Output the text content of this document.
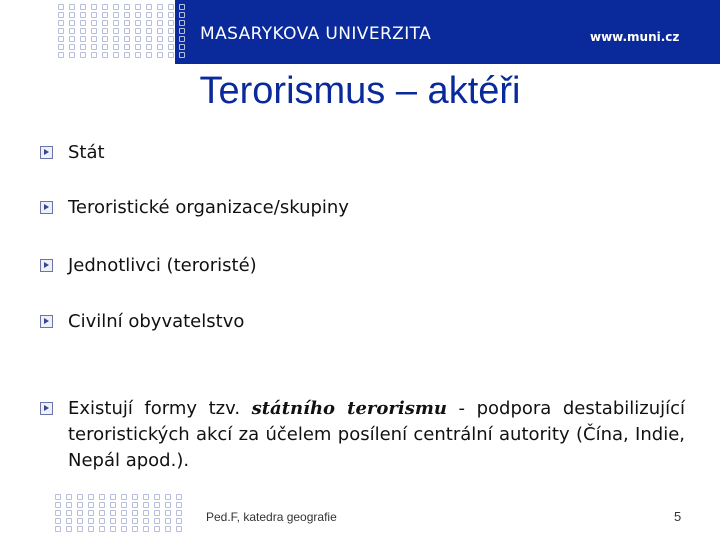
MASARYKOVA UNIVERZITA	www.muni.cz
Terorismus – aktéři
Stát
Teroristické organizace/skupiny
Jednotlivci (teroristé)
Civilní obyvatelstvo
Existují formy tzv. státního terorismu - podpora destabilizující teroristických akcí za účelem posílení centrální autority (Čína, Indie, Nepál apod.).
Ped.F, katedra geografie	5
